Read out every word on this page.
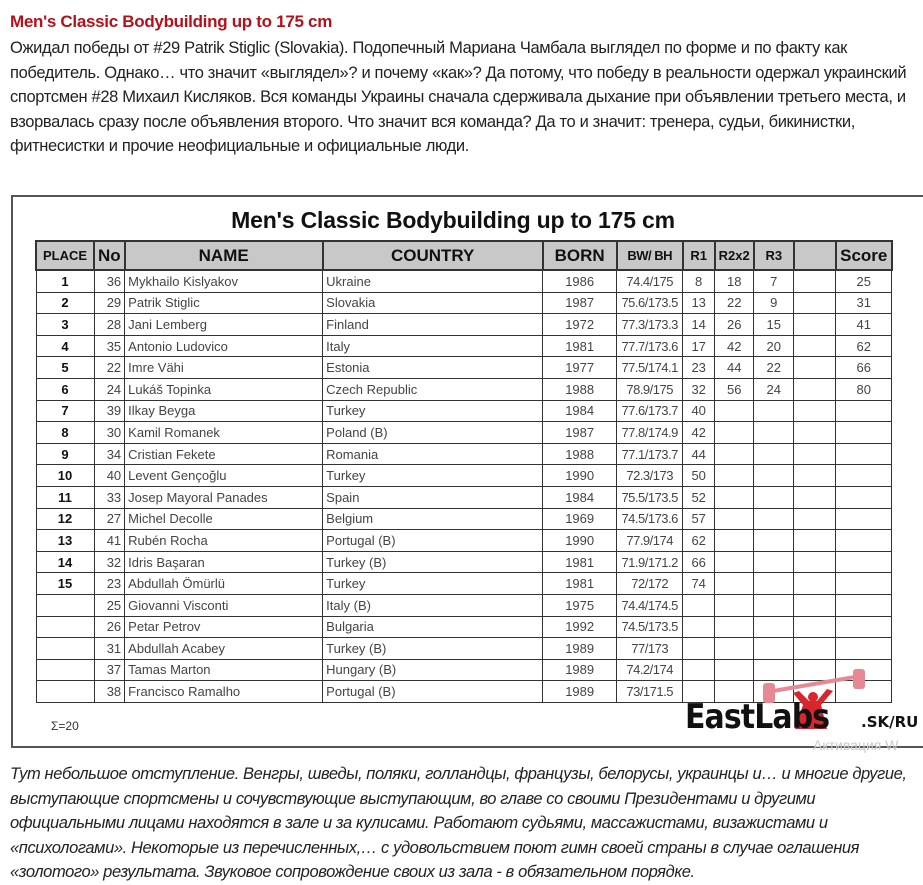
Men's Classic Bodybuilding up to 175 cm
Ожидал победы от #29 Patrik Stiglic (Slovakia). Подопечный Мариана Чамбала выглядел по форме и по факту как победитель. Однако… что значит «выглядел»? и почему «как»? Да потому, что победу в реальности одержал украинский спортсмен #28 Михаил Кисляков. Вся команды Украины сначала сдерживала дыхание при объявлении третьего места, и взорвалась сразу после объявления второго. Что значит вся команда? Да то и значит: тренера, судьи, бикинистки, фитнесистки и прочие неофициальные и официальные люди.
Men's Classic Bodybuilding up to 175 cm
PLACE	No	NAME	COUNTRY	BORN	BW/ BH	R1	R2x2	R3		Score
1	36	Mykhailo Kislyakov	Ukraine	1986	74.4/175	8	18	7		25
2	29	Patrik Stiglic	Slovakia	1987	75.6/173.5	13	22	9		31
3	28	Jani Lemberg	Finland	1972	77.3/173.3	14	26	15		41
4	35	Antonio Ludovico	Italy	1981	77.7/173.6	17	42	20		62
5	22	Imre Vähi	Estonia	1977	77.5/174.1	23	44	22		66
6	24	Lukáš Topinka	Czech Republic	1988	78.9/175	32	56	24		80
7	39	Ilkay Beyga	Turkey	1984	77.6/173.7	40				
8	30	Kamil Romanek	Poland (B)	1987	77.8/174.9	42				
9	34	Cristian Fekete	Romania	1988	77.1/173.7	44				
10	40	Levent Gençoğlu	Turkey	1990	72.3/173	50				
11	33	Josep Mayoral Panades	Spain	1984	75.5/173.5	52				
12	27	Michel Decolle	Belgium	1969	74.5/173.6	57				
13	41	Rubén Rocha	Portugal (B)	1990	77.9/174	62				
14	32	Idris Başaran	Turkey (B)	1981	71.9/171.2	66				
15	23	Abdullah Ömürlü	Turkey	1981	72/172	74				
	25	Giovanni Visconti	Italy (B)	1975	74.4/174.5					
	26	Petar Petrov	Bulgaria	1992	74.5/173.5					
	31	Abdullah Acabey	Turkey (B)	1989	77/173					
	37	Tamas Marton	Hungary (B)	1989	74.2/174					
	38	Francisco Ramalho	Portugal (B)	1989	73/171.5					
Σ=20	EastLabs .SK/RU
Активация W
Тут небольшое отступление. Венгры, шведы, поляки, голландцы, французы, белорусы, украинцы и… и многие другие, выступающие спортсмены и сочувствующие выступающим, во главе со своими Президентами и другими официальными лицами находятся в зале и за кулисами. Работают судьями, массажистами, визажистами и «психологами». Некоторые из перечисленных,… с удовольствием поют гимн своей страны в случае оглашения «золотого» результата. Звуковое сопровождение своих из зала - в обязательном порядке.
